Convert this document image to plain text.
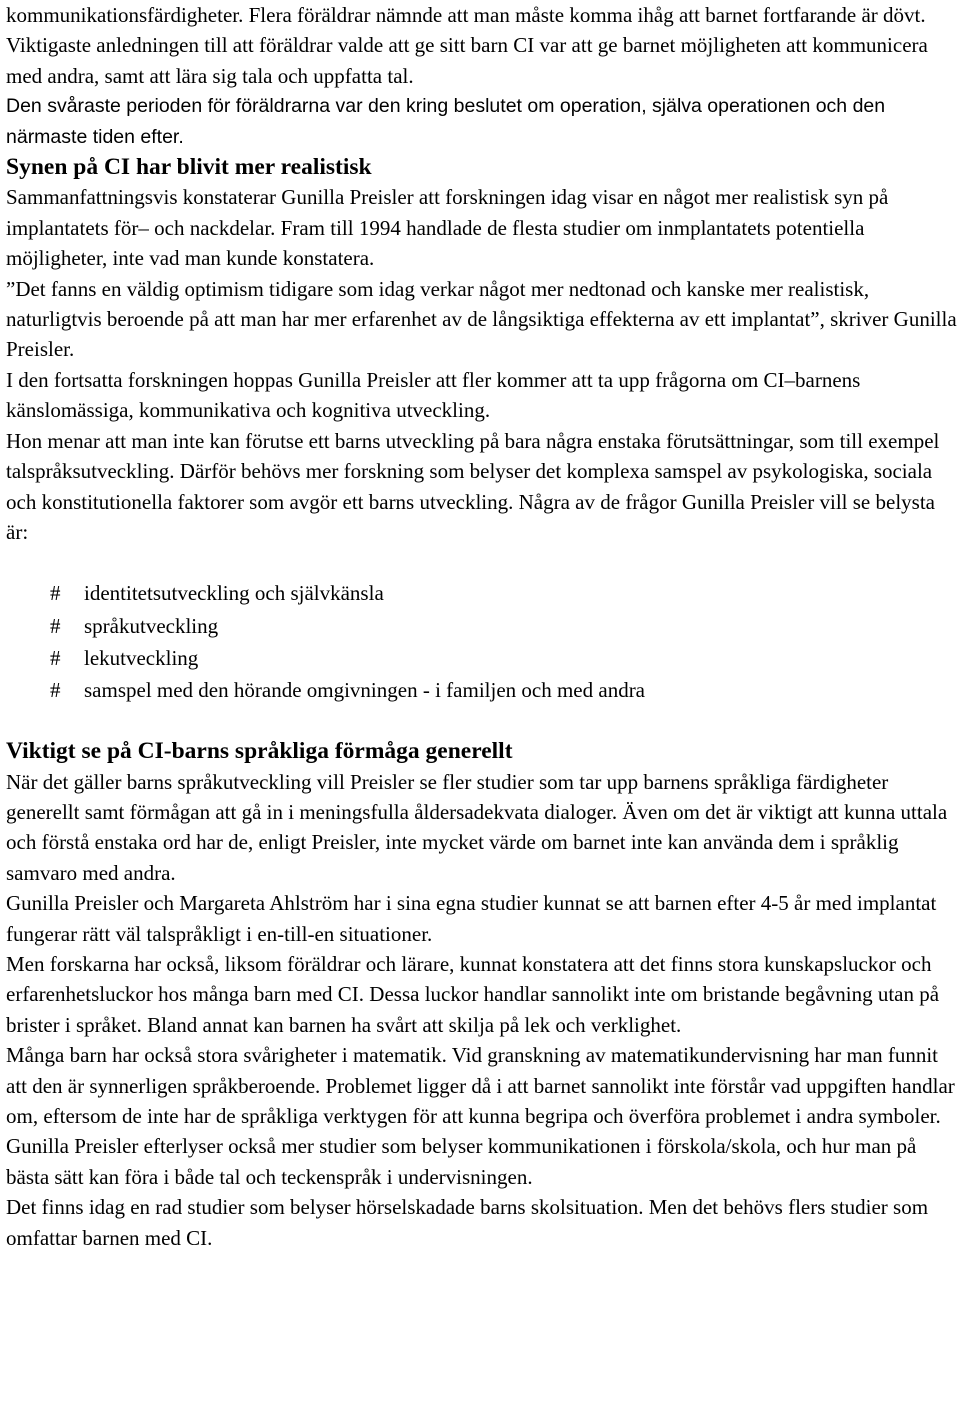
kommunikationsfärdigheter. Flera föräldrar nämnde att man måste komma ihåg att barnet fortfarande är dövt.

Viktigaste anledningen till att föräldrar valde att ge sitt barn CI var att ge barnet möjligheten att kommunicera med andra, samt att lära sig tala och uppfatta tal.

Den svåraste perioden för föräldrarna var den kring beslutet om operation, själva operationen och den närmaste tiden efter.

Synen på CI har blivit mer realistisk

Sammanfattningsvis konstaterar Gunilla Preisler att forskningen idag visar en något mer realistisk syn på implantatets för– och nackdelar. Fram till 1994 handlade de flesta studier om inmplantatets potentiella möjligheter, inte vad man kunde konstatera.

”Det fanns en väldig optimism tidigare som idag verkar något mer nedtonad och kanske mer realistisk, naturligtvis beroende på att man har mer erfarenhet av de långsiktiga effekterna av ett implantat”, skriver Gunilla Preisler.

I den fortsatta forskningen hoppas Gunilla Preisler att fler kommer att ta upp frågorna om CI–barnens känslomässiga, kommunikativa och kognitiva utveckling.

Hon menar att man inte kan förutse ett barns utveckling på bara några enstaka förutsättningar, som till exempel talspråksutveckling. Därför behövs mer forskning som belyser det komplexa samspel av psykologiska, sociala och konstitutionella faktorer som avgör ett barns utveckling. Några av de frågor Gunilla Preisler vill se belysta är:

# identitetsutveckling och självkänsla
# språkutveckling
# lekutveckling
# samspel med den hörande omgivningen - i familjen och med andra
Viktigt se på CI-barns språkliga förmåga generellt

När det gäller barns språkutveckling vill Preisler se fler studier som tar upp barnens språkliga färdigheter generellt samt förmågan att gå in i meningsfulla åldersadekvata dialoger. Även om det är viktigt att kunna uttala och förstå enstaka ord har de, enligt Preisler, inte mycket värde om barnet inte kan använda dem i språklig samvaro med andra.

Gunilla Preisler och Margareta Ahlström har i sina egna studier kunnat se att barnen efter 4-5 år med implantat fungerar rätt väl talspråkligt i en-till-en situationer.

Men forskarna har också, liksom föräldrar och lärare, kunnat konstatera att det finns stora kunskapsluckor och erfarenhetsluckor hos många barn med CI. Dessa luckor handlar sannolikt inte om bristande begåvning utan på brister i språket. Bland annat kan barnen ha svårt att skilja på lek och verklighet.

Många barn har också stora svårigheter i matematik. Vid granskning av matematikundervisning har man funnit att den är synnerligen språkberoende. Problemet ligger då i att barnet sannolikt inte förstår vad uppgiften handlar om, eftersom de inte har de språkliga verktygen för att kunna begripa och överföra problemet i andra symboler.

Gunilla Preisler efterlyser också mer studier som belyser kommunikationen i förskola/skola, och hur man på bästa sätt kan föra i både tal och teckenspråk i undervisningen.

Det finns idag en rad studier som belyser hörselskadade barns skolsituation. Men det behövs flers studier som omfattar barnen med CI.
